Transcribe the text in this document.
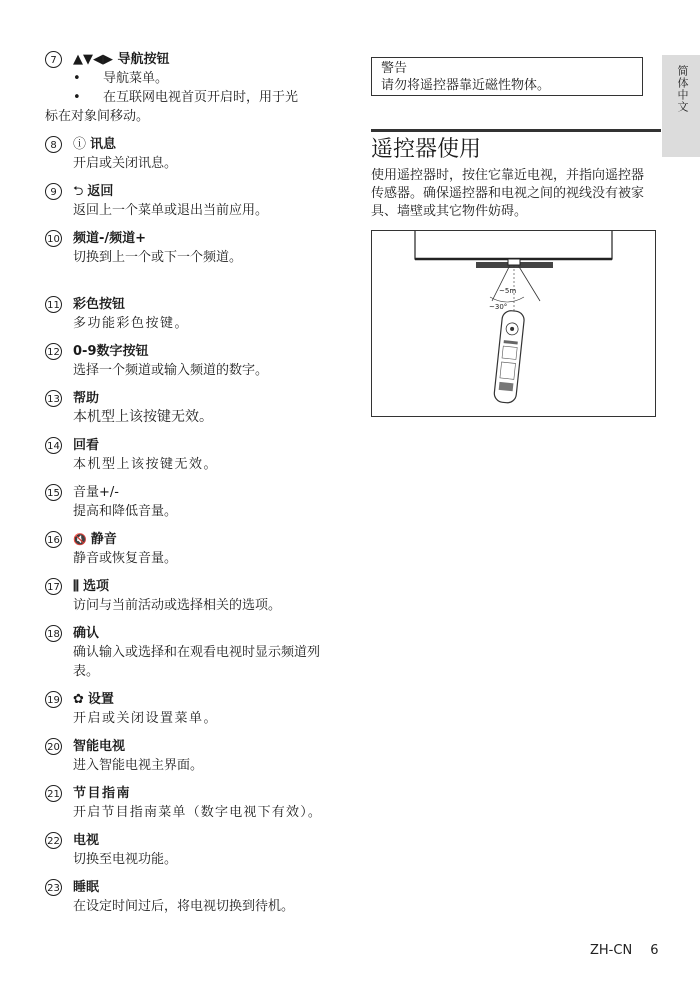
7	▲▼◀▶ 导航按钮
• 导航菜单。
• 在互联网电视首页开启时，用于光
标在对象间移动。
8	ⓘ 讯息
开启或关闭讯息。
9	⮌ 返回
返回上一个菜单或退出当前应用。
10 频道-/频道+
切换到上一个或下一个频道。
11 彩色按钮
多功能彩色按键。
12 0-9数字按钮
选择一个频道或输入频道的数字。
13 帮助
本机型上该按键无效。
14 回看
本机型上该按键无效。
15 音量+/-
提高和降低音量。
16 🔇 静音
静音或恢复音量。
17 ⫼ 选项
访问与当前活动或选择相关的选项。
18 确认
确认输入或选择和在观看电视时显示频道列表。
19 ✿ 设置
开启或关闭设置菜单。
20 智能电视
进入智能电视主界面。
21 节目指南
开启节目指南菜单（数字电视下有效）。
22 电视
切换至电视功能。
23 睡眠
在设定时间过后，将电视切换到待机。
警告
请勿将遥控器靠近磁性物体。
遥控器使用
使用遥控器时，按住它靠近电视，并指向遥控器传感器。确保遥控器和电视之间的视线没有被家具、墙壁或其它物件妨碍。
~5m
~30°
简体中文
ZH-CN 6
